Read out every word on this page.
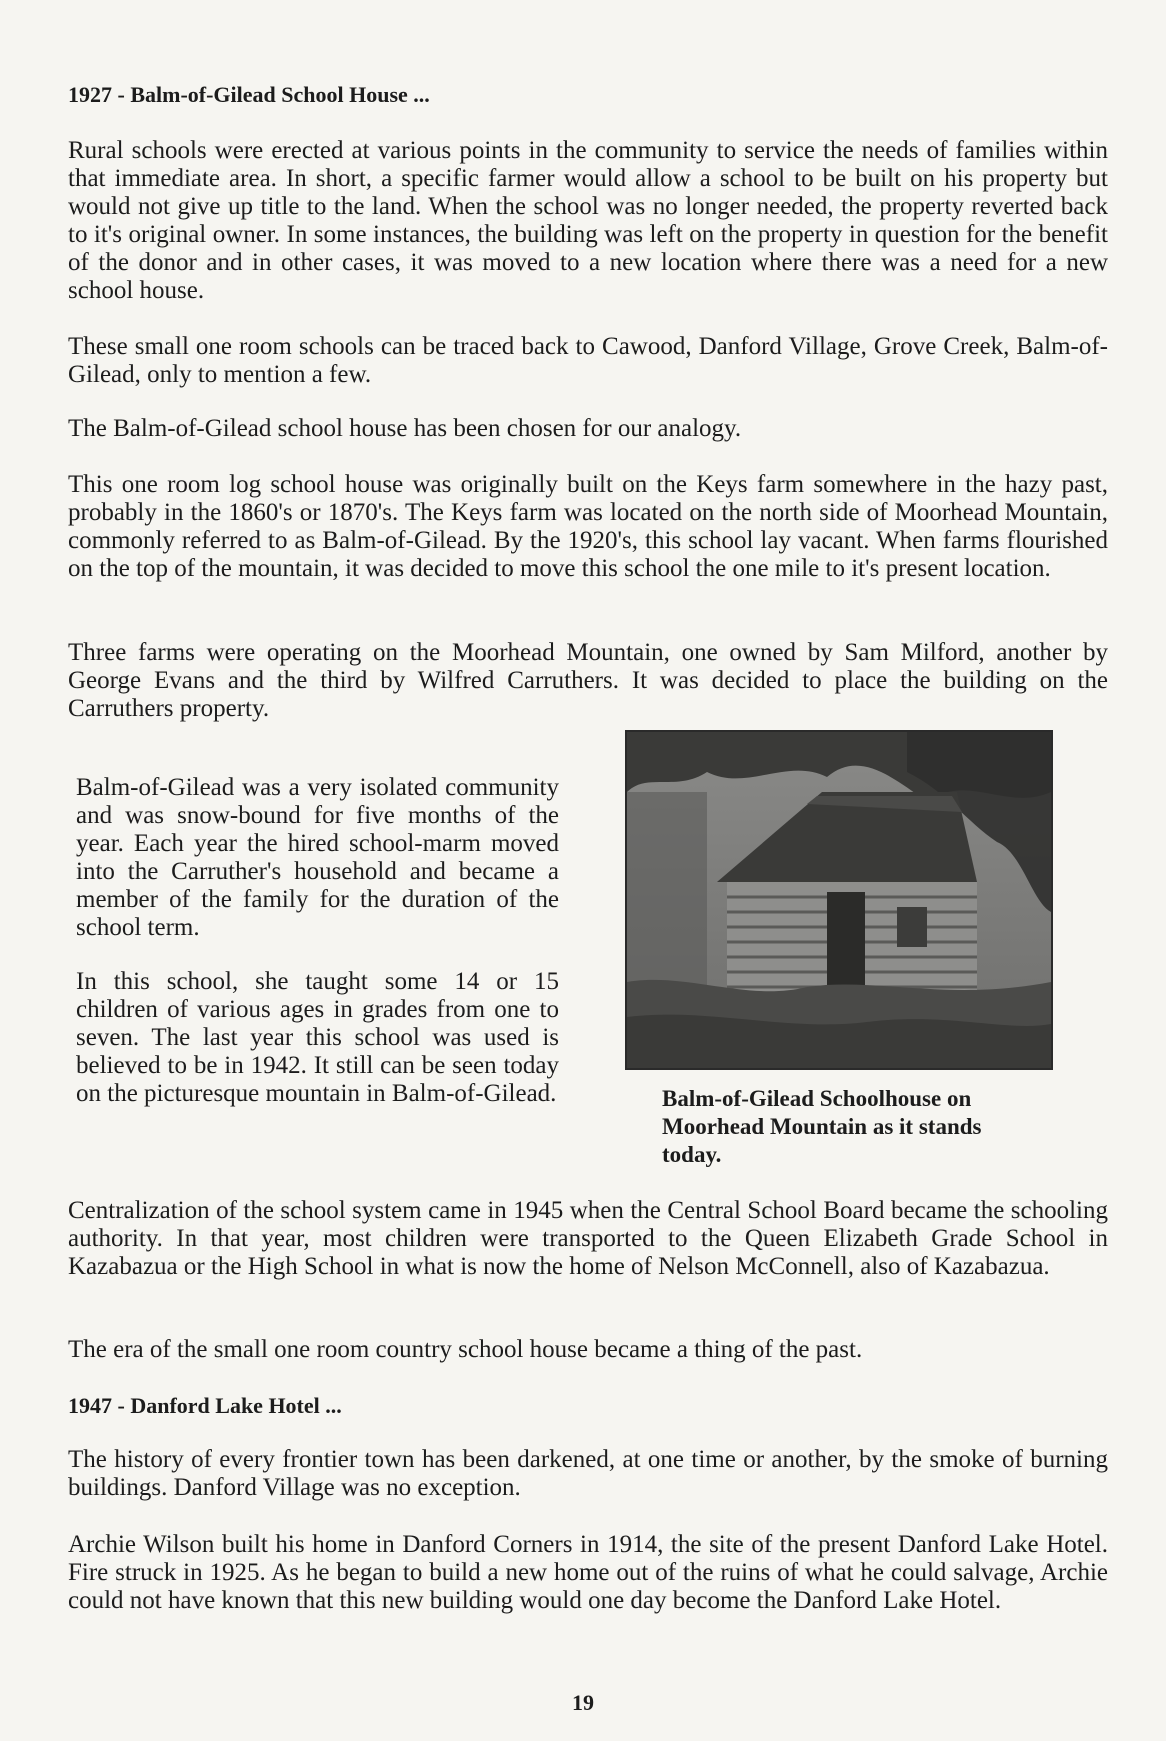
1927 - Balm-of-Gilead School House ...

Rural schools were erected at various points in the community to service the needs of families within that immediate area. In short, a specific farmer would allow a school to be built on his property but would not give up title to the land. When the school was no longer needed, the property reverted back to it's original owner. In some instances, the building was left on the property in question for the benefit of the donor and in other cases, it was moved to a new location where there was a need for a new school house.

These small one room schools can be traced back to Cawood, Danford Village, Grove Creek, Balm-of-Gilead, only to mention a few.

The Balm-of-Gilead school house has been chosen for our analogy.

This one room log school house was originally built on the Keys farm somewhere in the hazy past, probably in the 1860's or 1870's. The Keys farm was located on the north side of Moorhead Mountain, commonly referred to as Balm-of-Gilead. By the 1920's, this school lay vacant. When farms flourished on the top of the mountain, it was decided to move this school the one mile to it's present location.

Three farms were operating on the Moorhead Mountain, one owned by Sam Milford, another by George Evans and the third by Wilfred Carruthers. It was decided to place the building on the Carruthers property.

Balm-of-Gilead was a very isolated community and was snow-bound for five months of the year. Each year the hired school-marm moved into the Carruther's household and became a member of the family for the duration of the school term.

In this school, she taught some 14 or 15 children of various ages in grades from one to seven. The last year this school was used is believed to be in 1942. It still can be seen today on the picturesque mountain in Balm-of-Gilead.	Balm-of-Gilead Schoolhouse on Moorhead Mountain as it stands today.

Centralization of the school system came in 1945 when the Central School Board became the schooling authority. In that year, most children were transported to the Queen Elizabeth Grade School in Kazabazua or the High School in what is now the home of Nelson McConnell, also of Kazabazua.

The era of the small one room country school house became a thing of the past.

1947 - Danford Lake Hotel ...

The history of every frontier town has been darkened, at one time or another, by the smoke of burning buildings. Danford Village was no exception.

Archie Wilson built his home in Danford Corners in 1914, the site of the present Danford Lake Hotel. Fire struck in 1925. As he began to build a new home out of the ruins of what he could salvage, Archie could not have known that this new building would one day become the Danford Lake Hotel.

19
